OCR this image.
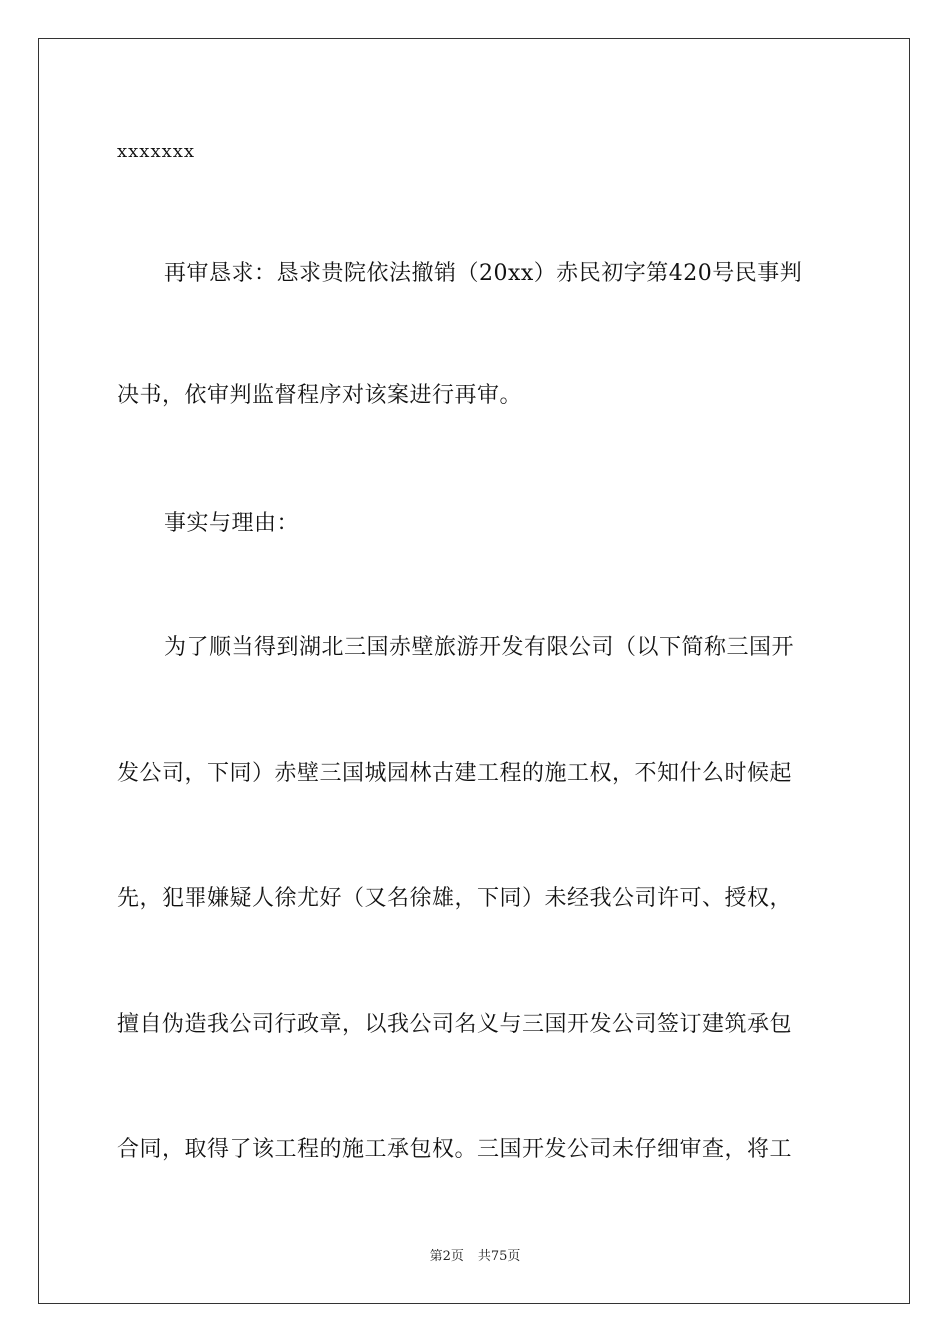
xxxxxxx
再审恳求：恳求贵院依法撤销（20xx）赤民初字第420号民事判
决书，依审判监督程序对该案进行再审。
事实与理由：
为了顺当得到湖北三国赤壁旅游开发有限公司（以下简称三国开
发公司，下同）赤壁三国城园林古建工程的施工权，不知什么时候起
先，犯罪嫌疑人徐尤好（又名徐雄，下同）未经我公司许可、授权，
擅自伪造我公司行政章，以我公司名义与三国开发公司签订建筑承包
合同，取得了该工程的施工承包权。三国开发公司未仔细审查，将工
第2页 共75页
